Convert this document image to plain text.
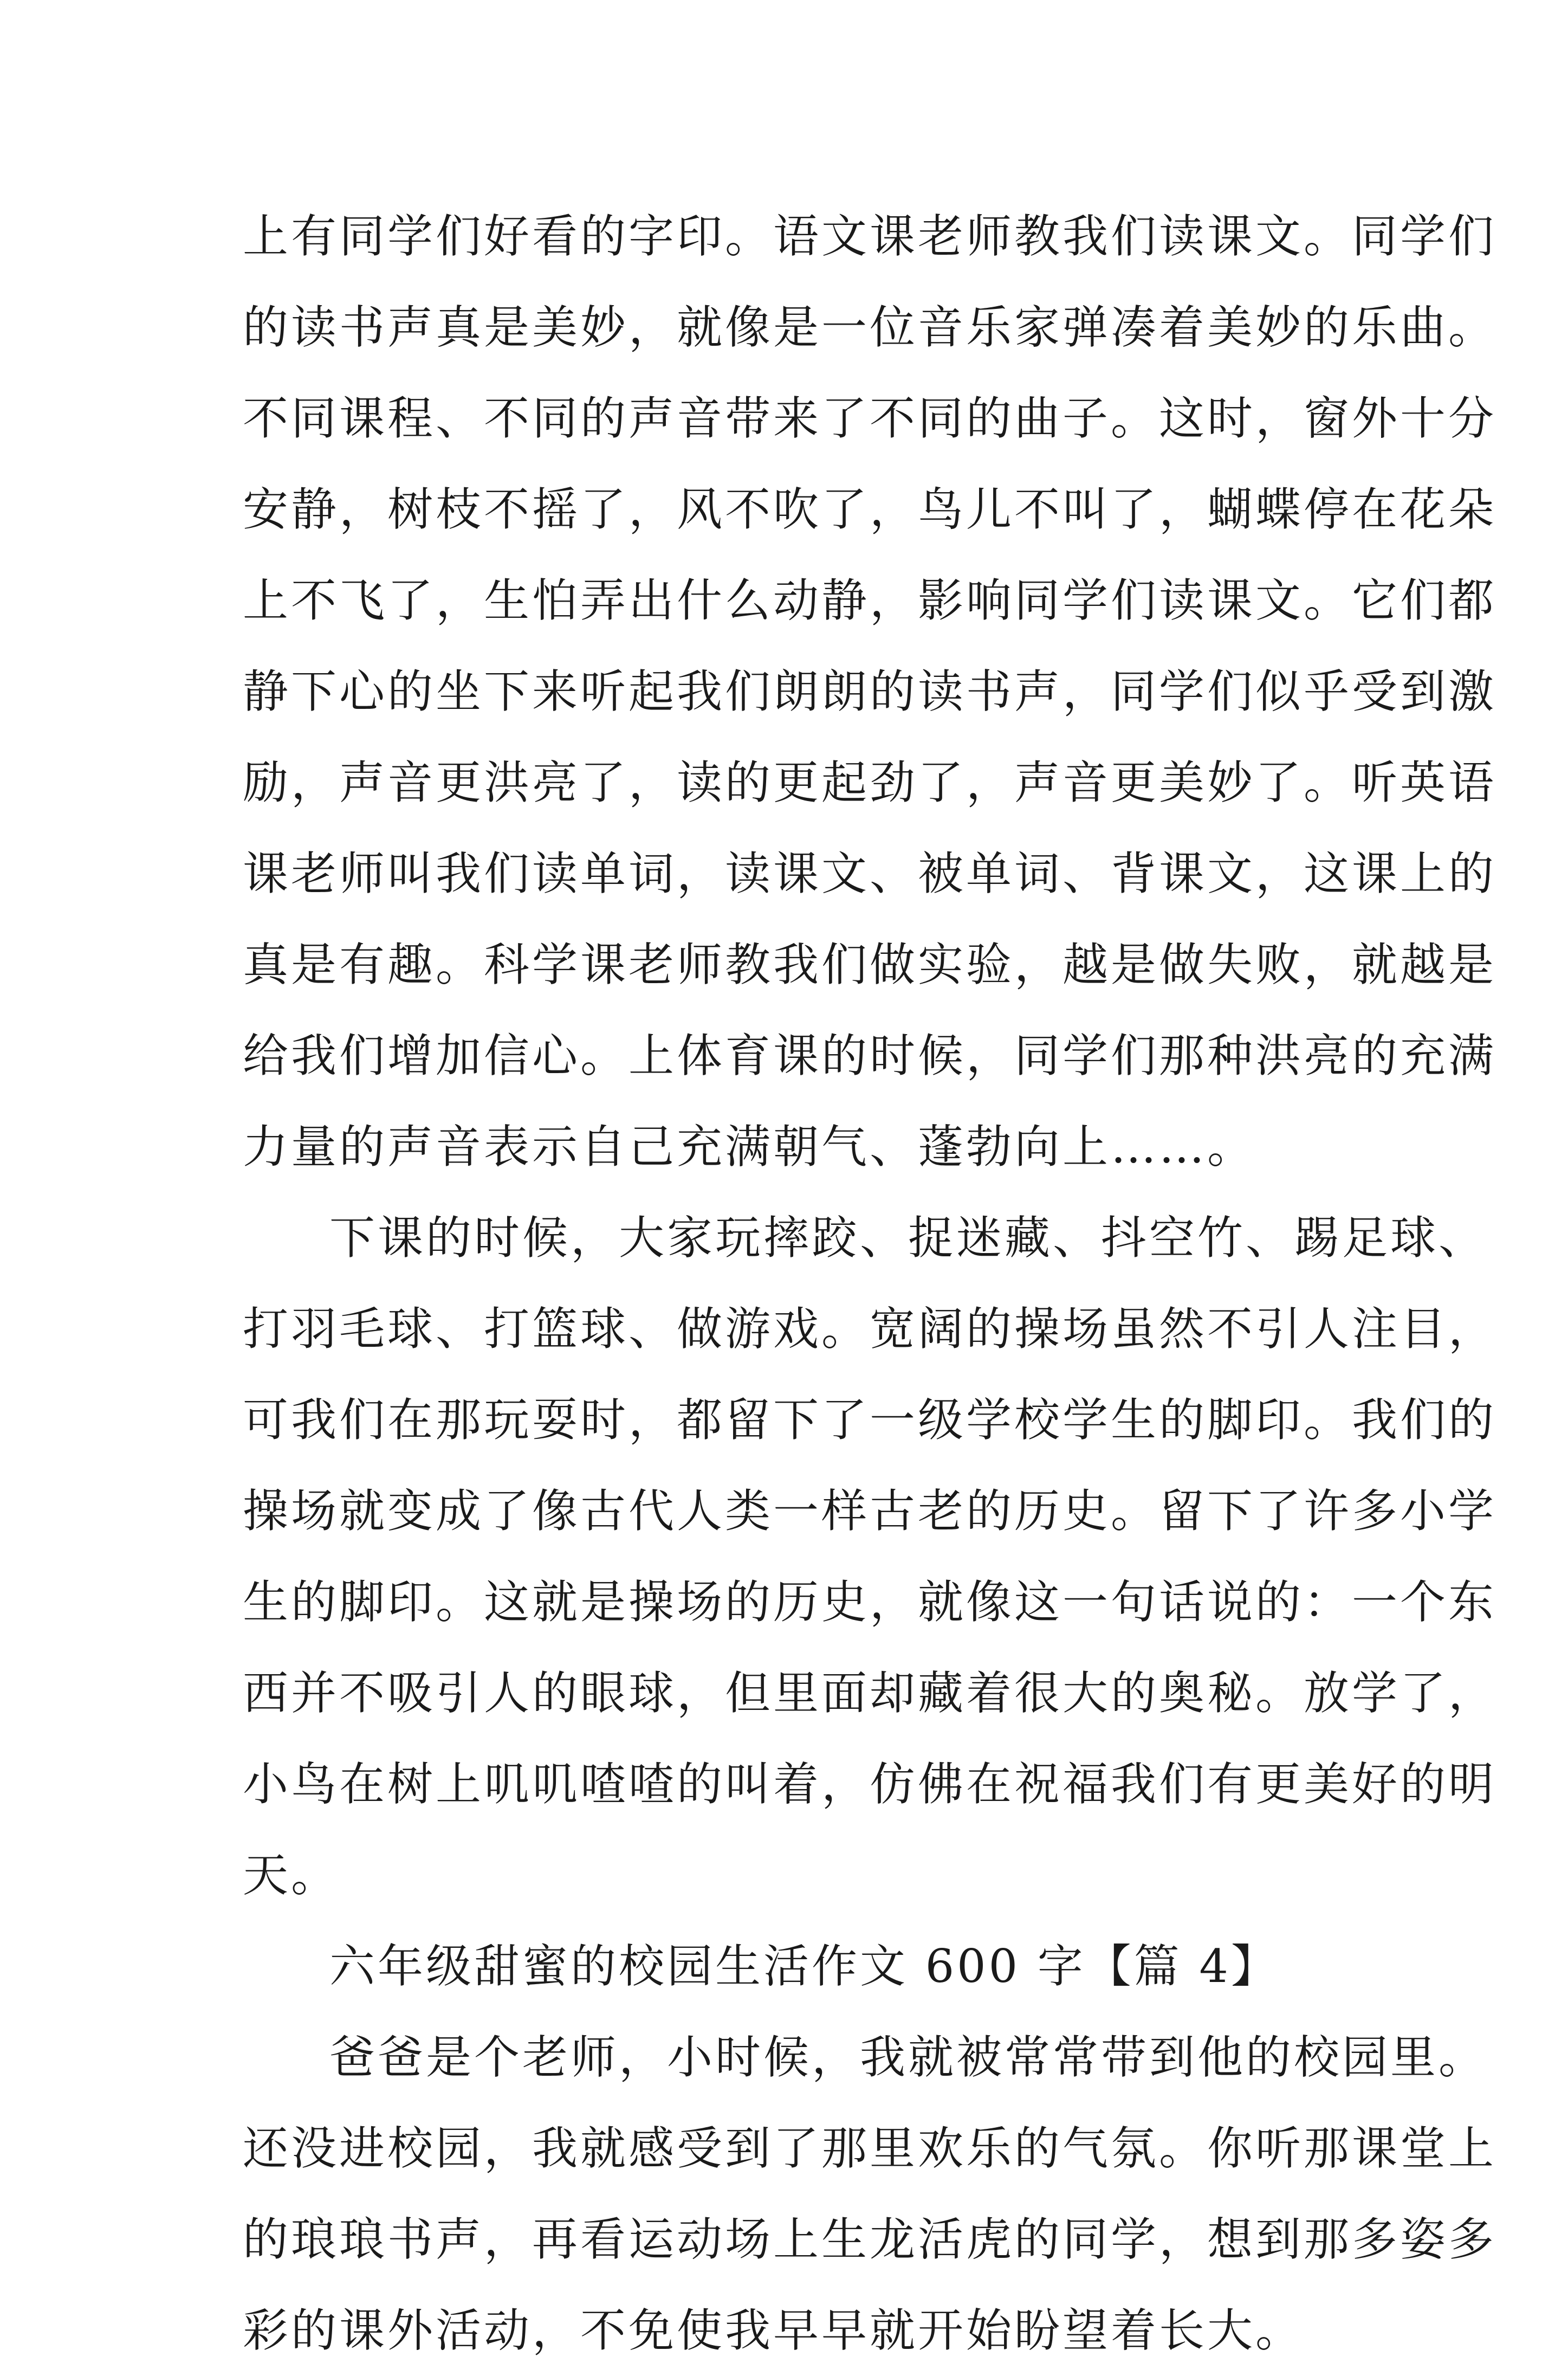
上有同学们好看的字印。语文课老师教我们读课文。同学们
的读书声真是美妙，就像是一位音乐家弹凑着美妙的乐曲。
不同课程、不同的声音带来了不同的曲子。这时，窗外十分
安静，树枝不摇了，风不吹了，鸟儿不叫了，蝴蝶停在花朵
上不飞了，生怕弄出什么动静，影响同学们读课文。它们都
静下心的坐下来听起我们朗朗的读书声，同学们似乎受到激
励，声音更洪亮了，读的更起劲了，声音更美妙了。听英语
课老师叫我们读单词，读课文、被单词、背课文，这课上的
真是有趣。科学课老师教我们做实验，越是做失败，就越是
给我们增加信心。上体育课的时候，同学们那种洪亮的充满
力量的声音表示自己充满朝气、蓬勃向上……。
下课的时候，大家玩摔跤、捉迷藏、抖空竹、踢足球、
打羽毛球、打篮球、做游戏。宽阔的操场虽然不引人注目，
可我们在那玩耍时，都留下了一级学校学生的脚印。我们的
操场就变成了像古代人类一样古老的历史。留下了许多小学
生的脚印。这就是操场的历史，就像这一句话说的：一个东
西并不吸引人的眼球，但里面却藏着很大的奥秘。放学了，
小鸟在树上叽叽喳喳的叫着，仿佛在祝福我们有更美好的明
天。
六年级甜蜜的校园生活作文 600 字【篇 4】
爸爸是个老师，小时候，我就被常常带到他的校园里。
还没进校园，我就感受到了那里欢乐的气氛。你听那课堂上
的琅琅书声，再看运动场上生龙活虎的同学，想到那多姿多
彩的课外活动，不免使我早早就开始盼望着长大。
